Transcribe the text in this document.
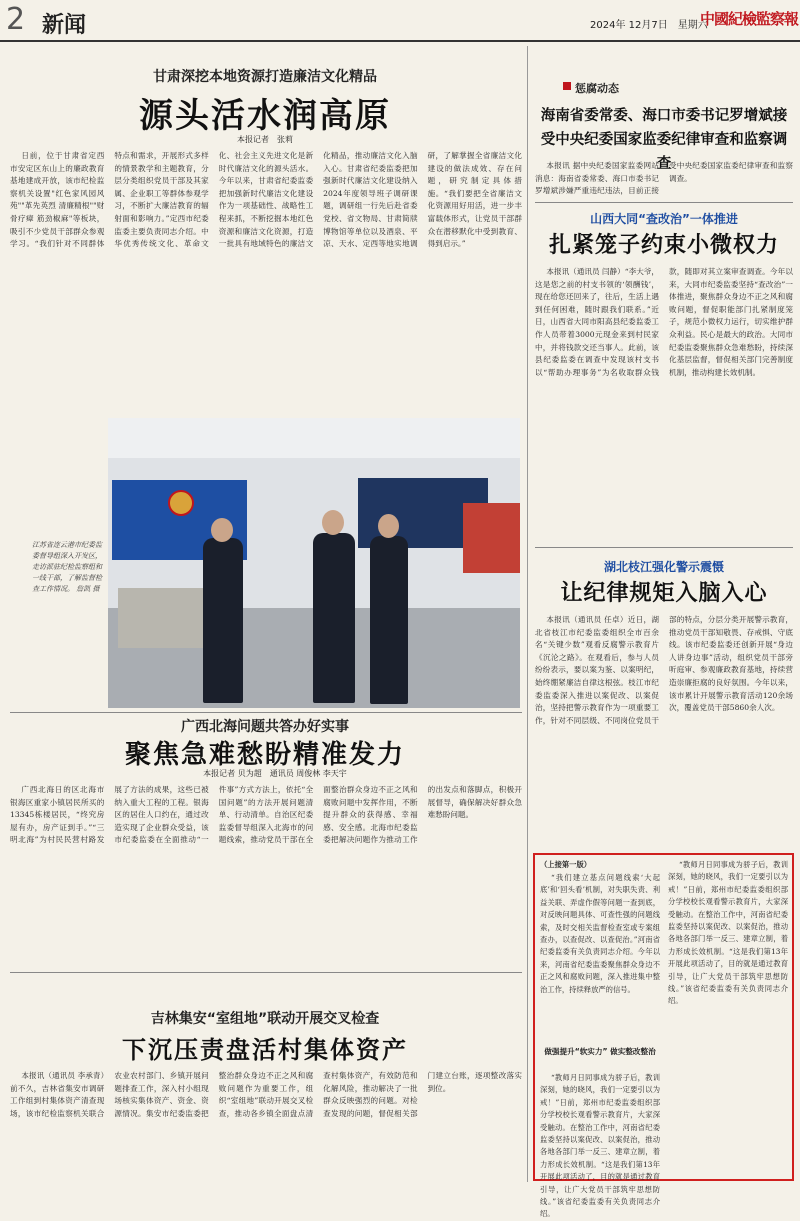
2 新闻	2024年 12月7日　星期六
中國紀檢監察報
甘肃深挖本地资源打造廉洁文化精品
源头活水润高原
本报记者　张莉
日前，位于甘肃省定西市安定区东山上的廉政教育基地建成开放，该市纪检监察机关设置"红色家风园风苑""革先英烈 清廉精根""财骨疗瘴 筋劲椒麻"等板块，吸引不少党员干部群众参观学习。“我们针对不同群体特点和需求，开展形式多样的情景教学和主题教育，分层分类组织党员干部及其家属、企业职工等群体参观学习，不断扩大廉洁教育的辐射面和影响力。”定西市纪委监委主要负责同志介绍。中华优秀传统文化、革命文化、社会主义先进文化是新时代廉洁文化的源头活水。今年以来，甘肃省纪委监委把加强新时代廉洁文化建设作为一项基础性、战略性工程来抓，不断挖掘本地红色资源和廉洁文化资源，打造一批具有地域特色的廉洁文化精品，推动廉洁文化入脑入心。甘肃省纪委监委把加强新时代廉洁文化建设纳入2024年度领导班子调研课题，调研组一行先后赴省委党校、省文物局、甘肃简牍博物馆等单位以及酒泉、平凉、天水、定西等地实地调研，了解掌握全省廉洁文化建设的做法成效、存在问题，研究制定具体措施。“我们要把全省廉洁文化资源用好用活，进一步丰富载体形式，让党员干部群众在潜移默化中受到教育、得到启示。”
江苏省连云港市纪委监委督导组深入开发区，走访派驻纪检监察组和一线干部，了解监督检查工作情况。 詹凯 摄
广西北海问题共答办好实事
聚焦急难愁盼精准发力
本报记者 贝为超　通讯员 周俊林 李天宇
广西北海日的区北海市银海区重家小镇居民所买的13345栋楼居民，“终究房屋有办，房产证到手。”“三明北海”为村民民营村路发展了方法的成果，这些已被纳入重大工程的工程。银海区的居住人口约在，通过改造实现了企业群众受益，该市纪委监委在全面推动“一件事”方式方法上，依托“全国问题”的方法开展问题清单、行动清单。自治区纪委监委督导组深入北海市的问题线索，推动党员干部在全面整治群众身边不正之风和腐败问题中发挥作用，不断提升群众的获得感、幸福感、安全感。北海市纪委监委把解决问题作为推动工作的出发点和落脚点，积极开展督导，确保解决好群众急难愁盼问题。
吉林集安“室组地”联动开展交叉检查
下沉压责盘活村集体资产
本报讯（通讯员 李承青）前不久，吉林省集安市调研工作组到村集体资产清查现场，该市纪检监察机关联合农业农村部门、乡镇开展问题排查工作，深入村小组现场核实集体资产、资金、资源情况。集安市纪委监委把整治群众身边不正之风和腐败问题作为重要工作，组织“室组地”联动开展交叉检查，推动各乡镇全面盘点清查村集体资产，有效防范和化解风险，推动解决了一批群众反映强烈的问题。对检查发现的问题，督促相关部门建立台账，逐项整改落实到位。
惩腐动态
海南省委常委、海口市委书记罗增斌接受中央纪委国家监委纪律审查和监察调查
本报讯 据中央纪委国家监委网站消息：海南省委常委、海口市委书记罗增斌涉嫌严重违纪违法，目前正接受中央纪委国家监委纪律审查和监察调查。
山西大同“查改治”一体推进
扎紧笼子约束小微权力
本报讯（通讯员 闫静）“李大爷，这是您之前的村支书领的‘领酬钱’，现在给您还回来了，往后，生活上遇到任何困难，随时跟我们联系。”近日，山西省大同市阳高县纪委监委工作人员带着3000元现金来到村民家中，并将钱款交还当事人。此前，该县纪委监委在调查中发现该村支书以“帮助办理事务”为名收取群众钱款，随即对其立案审查调查。今年以来，大同市纪委监委坚持“查改治”一体推进，聚焦群众身边不正之风和腐败问题，督促职能部门扎紧制度笼子，规范小微权力运行，切实维护群众利益。民心是最大的政治。大同市纪委监委聚焦群众急难愁盼，持续深化基层监督，督促相关部门完善制度机制，推动构建长效机制。
湖北枝江强化警示震慑
让纪律规矩入脑入心
本报讯（通讯员 任卓）近日，湖北省枝江市纪委监委组织全市百余名“关键少数”观看反腐警示教育片《沉沦之路》。在观看后，参与人员纷纷表示，要以案为鉴、以案明纪，始终绷紧廉洁自律这根弦。枝江市纪委监委深入推进以案促改、以案促治，坚持把警示教育作为一项重要工作，针对不同层级、不同岗位党员干部的特点，分层分类开展警示教育，推动党员干部知敬畏、存戒惧、守底线。该市纪委监委还创新开展“身边人讲身边事”活动，组织党员干部旁听庭审、参观廉政教育基地，持续营造崇廉拒腐的良好氛围。今年以来，该市累计开展警示教育活动120余场次，覆盖党员干部5860余人次。
（上接第一版）
“我们建立基点问题线索‘大起底’和‘回头看’机制，对失职失责、利益关联、弄虚作假等问题一查到底，对反映问题具体、可查性强的问题线索，及时交相关监督检查室或专案组查办，以查促改、以查促治。”河南省纪委监委有关负责同志介绍。今年以来，河南省纪委监委聚焦群众身边不正之风和腐败问题，深入推进集中整治工作，持续释放严的信号。
做强提升“软实力” 做实整改整治
“教师月日同事成为骄子后，教训深刻，她的晓风，我们一定要引以为戒！”日前，郑州市纪委监委组织部分学校校长观看警示教育片，大家深受触动。在整治工作中，河南省纪委监委坚持以案促改、以案促治，推动各地各部门举一反三、建章立制，着力形成长效机制。“这是我们第13年开展此项活动了，目的就是通过教育引导，让广大党员干部筑牢思想防线。”该省纪委监委有关负责同志介绍。
“教师月日同事成为骄子后，教训深刻，她的晓风，我们一定要引以为戒！”日前，郑州市纪委监委组织部分学校校长观看警示教育片，大家深受触动。在整治工作中，河南省纪委监委坚持以案促改、以案促治，推动各地各部门举一反三、建章立制，着力形成长效机制。“这是我们第13年开展此项活动了，目的就是通过教育引导，让广大党员干部筑牢思想防线。”该省纪委监委有关负责同志介绍。
